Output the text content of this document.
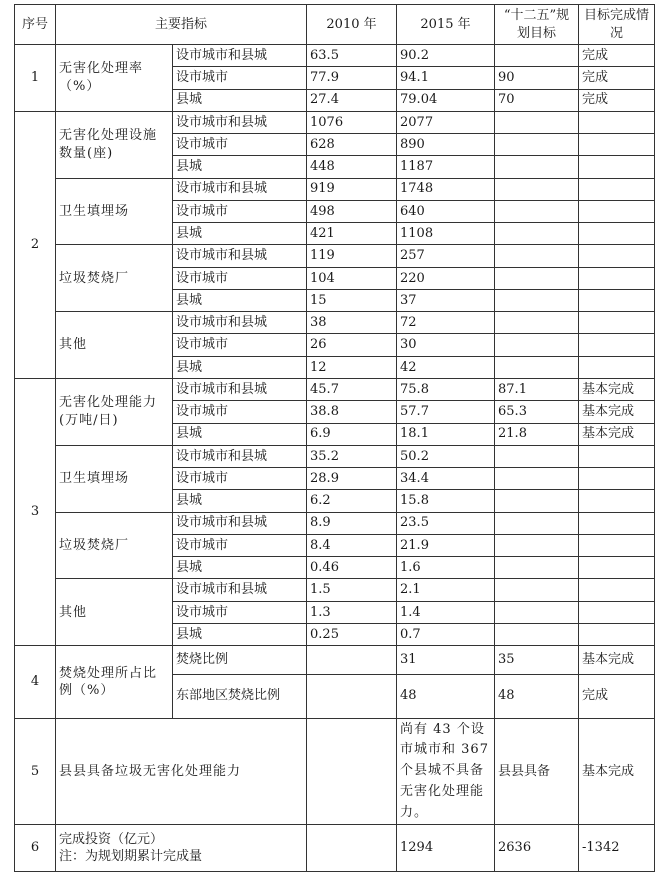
序号	主要指标		2010 年	2015 年	“十二五”规划目标	目标完成情况
1	无害化处理率（%）	设市城市和县城	63.5	90.2		完成
		设市城市	77.9	94.1	90	完成
		县城	27.4	79.04	70	完成
2	无害化处理设施数量(座)	设市城市和县城	1076	2077		
		设市城市	628	890		
		县城	448	1187		
	卫生填埋场	设市城市和县城	919	1748		
		设市城市	498	640		
		县城	421	1108		
	垃圾焚烧厂	设市城市和县城	119	257		
		设市城市	104	220		
		县城	15	37		
	其他	设市城市和县城	38	72		
		设市城市	26	30		
		县城	12	42		
3	无害化处理能力(万吨/日)	设市城市和县城	45.7	75.8	87.1	基本完成
		设市城市	38.8	57.7	65.3	基本完成
		县城	6.9	18.1	21.8	基本完成
	卫生填埋场	设市城市和县城	35.2	50.2		
		设市城市	28.9	34.4		
		县城	6.2	15.8		
	垃圾焚烧厂	设市城市和县城	8.9	23.5		
		设市城市	8.4	21.9		
		县城	0.46	1.6		
	其他	设市城市和县城	1.5	2.1		
		设市城市	1.3	1.4		
		县城	0.25	0.7		
4	焚烧处理所占比例（%）	焚烧比例		31	35	基本完成
		东部地区焚烧比例		48	48	完成
5	县县具备垃圾无害化处理能力			尚有 43 个设市城市和 367 个县城不具备无害化处理能力。	县县具备	基本完成
6	完成投资（亿元）
注：为规划期累计完成量			1294	2636	-1342
